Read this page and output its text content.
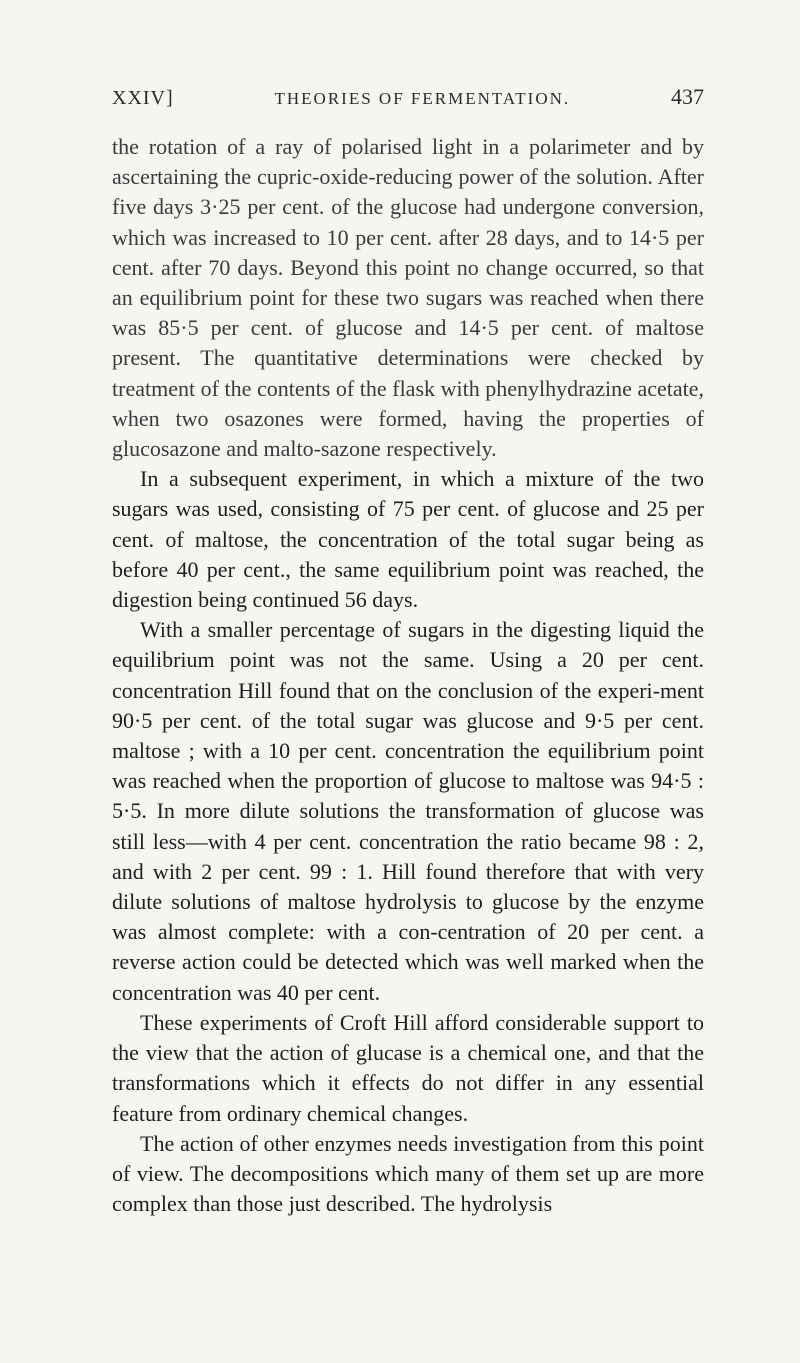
XXIV]	THEORIES OF FERMENTATION.	437

the rotation of a ray of polarised light in a polarimeter and by ascertaining the cupric-oxide-reducing power of the solution. After five days 3·25 per cent. of the glucose had undergone conversion, which was increased to 10 per cent. after 28 days, and to 14·5 per cent. after 70 days. Beyond this point no change occurred, so that an equilibrium point for these two sugars was reached when there was 85·5 per cent. of glucose and 14·5 per cent. of maltose present. The quantitative determinations were checked by treatment of the contents of the flask with phenylhydrazine acetate, when two osazones were formed, having the properties of glucosazone and malto-sazone respectively.

In a subsequent experiment, in which a mixture of the two sugars was used, consisting of 75 per cent. of glucose and 25 per cent. of maltose, the concentration of the total sugar being as before 40 per cent., the same equilibrium point was reached, the digestion being continued 56 days.

With a smaller percentage of sugars in the digesting liquid the equilibrium point was not the same. Using a 20 per cent. concentration Hill found that on the conclusion of the experi-ment 90·5 per cent. of the total sugar was glucose and 9·5 per cent. maltose ; with a 10 per cent. concentration the equilibrium point was reached when the proportion of glucose to maltose was 94·5 : 5·5. In more dilute solutions the transformation of glucose was still less—with 4 per cent. concentration the ratio became 98 : 2, and with 2 per cent. 99 : 1. Hill found therefore that with very dilute solutions of maltose hydrolysis to glucose by the enzyme was almost complete: with a con-centration of 20 per cent. a reverse action could be detected which was well marked when the concentration was 40 per cent.

These experiments of Croft Hill afford considerable support to the view that the action of glucase is a chemical one, and that the transformations which it effects do not differ in any essential feature from ordinary chemical changes.

The action of other enzymes needs investigation from this point of view. The decompositions which many of them set up are more complex than those just described. The hydrolysis
